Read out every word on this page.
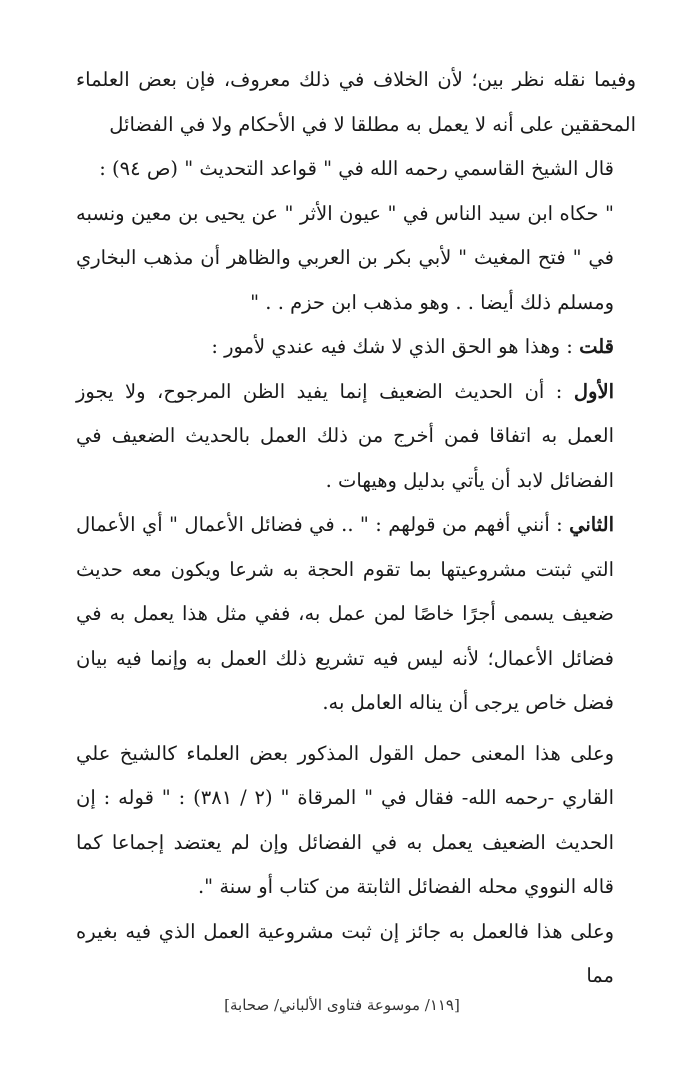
وفيما نقله نظر بين؛ لأن الخلاف في ذلك معروف، فإن بعض العلماء المحققين على أنه لا يعمل به مطلقا لا في الأحكام ولا في الفضائل

قال الشيخ القاسمي رحمه الله في " قواعد التحديث " (ص ٩٤) :

" حكاه ابن سيد الناس في " عيون الأثر " عن يحيى بن معين ونسبه في " فتح المغيث " لأبي بكر بن العربي والظاهر أن مذهب البخاري ومسلم ذلك أيضا . . وهو مذهب ابن حزم . . "

قلت : وهذا هو الحق الذي لا شك فيه عندي لأمور :

الأول : أن الحديث الضعيف إنما يفيد الظن المرجوح، ولا يجوز العمل به اتفاقا فمن أخرج من ذلك العمل بالحديث الضعيف في الفضائل لابد أن يأتي بدليل وهيهات .

الثاني : أنني أفهم من قولهم : " .. في فضائل الأعمال " أي الأعمال التي ثبتت مشروعيتها بما تقوم الحجة به شرعا ويكون معه حديث ضعيف يسمى أجرًا خاصًا لمن عمل به، ففي مثل هذا يعمل به في فضائل الأعمال؛ لأنه ليس فيه تشريع ذلك العمل به وإنما فيه بيان فضل خاص يرجى أن يناله العامل به.

وعلى هذا المعنى حمل القول المذكور بعض العلماء كالشيخ علي القاري -رحمه الله- فقال في " المرقاة " (٢ / ٣٨١) : " قوله : إن الحديث الضعيف يعمل به في الفضائل وإن لم يعتضد إجماعا كما قاله النووي محله الفضائل الثابتة من كتاب أو سنة ".

وعلى هذا فالعمل به جائز إن ثبت مشروعية العمل الذي فيه بغيره مما

[١١٩/ موسوعة فتاوى الألباني/ صحابة]
